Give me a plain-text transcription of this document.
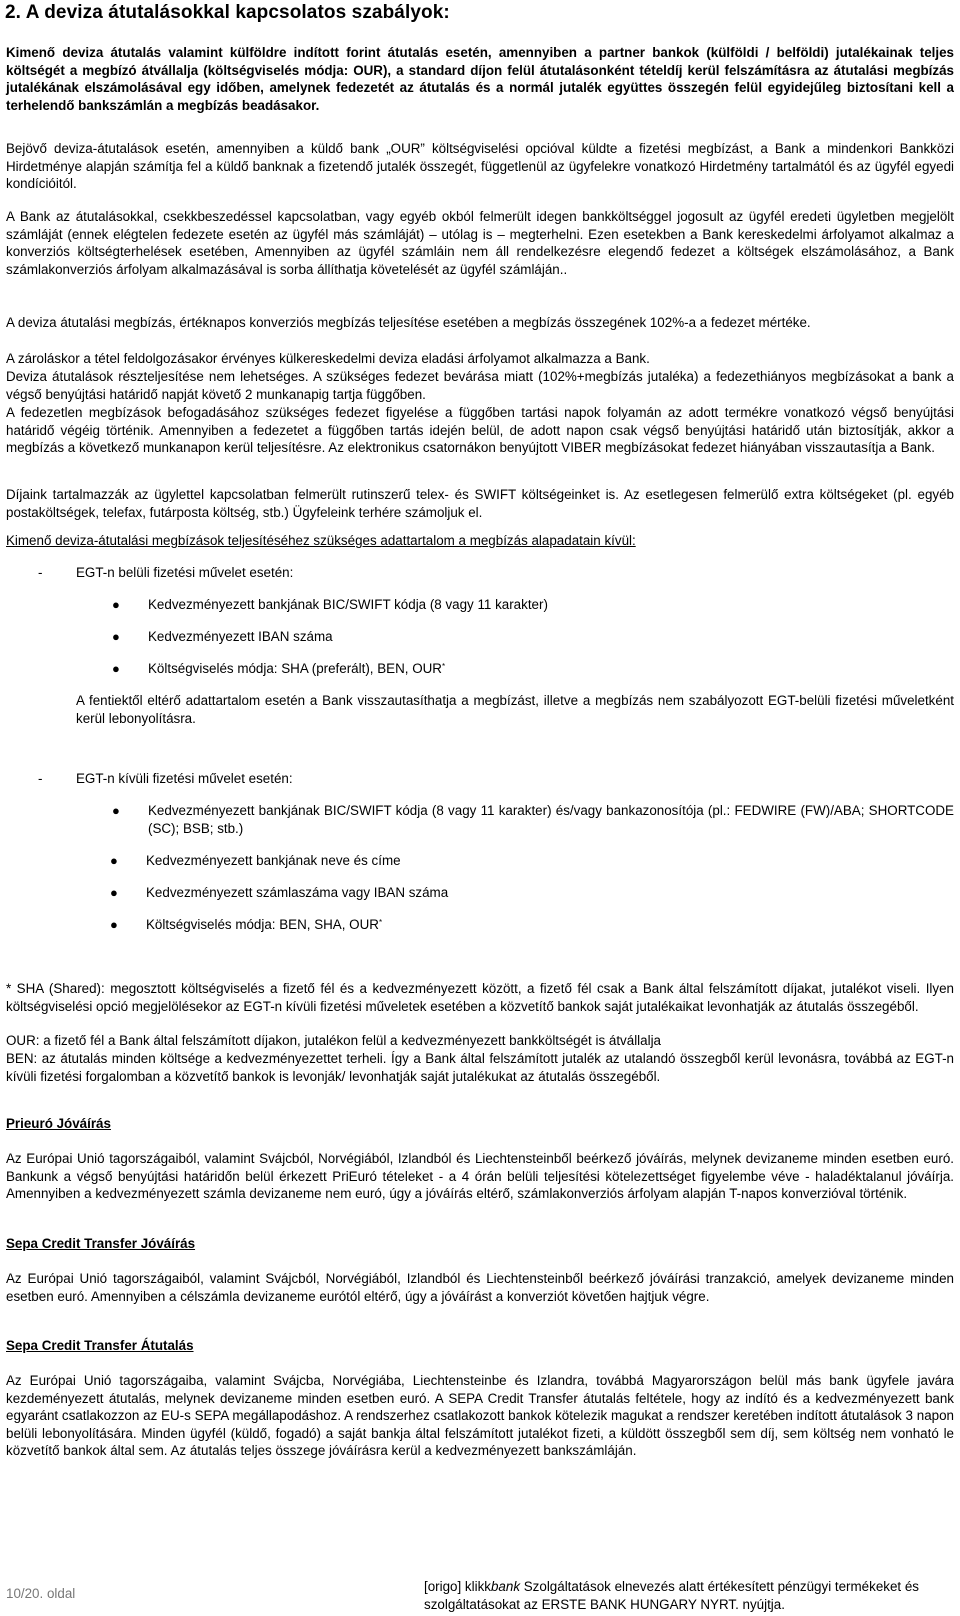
2. A deviza átutalásokkal kapcsolatos szabályok:

Kimenő deviza átutalás valamint külföldre indított forint átutalás esetén, amennyiben a partner bankok (külföldi / belföldi) jutalékainak teljes költségét a megbízó átvállalja (költségviselés módja: OUR), a standard díjon felül átutalásonként tételdíj kerül felszámításra az átutalási megbízás jutalékának elszámolásával egy időben, amelynek fedezetét az átutalás és a normál jutalék együttes összegén felül egyidejűleg biztosítani kell a terhelendő bankszámlán a megbízás beadásakor.

Bejövő deviza-átutalások esetén, amennyiben a küldő bank „OUR” költségviselési opcióval küldte a fizetési megbízást, a Bank a mindenkori Bankközi Hirdetménye alapján számítja fel a küldő banknak a fizetendő jutalék összegét, függetlenül az ügyfelekre vonatkozó Hirdetmény tartalmától és az ügyfél egyedi kondícióitól.

A Bank az átutalásokkal, csekkbeszedéssel kapcsolatban, vagy egyéb okból felmerült idegen bankköltséggel jogosult az ügyfél eredeti ügyletben megjelölt számláját (ennek elégtelen fedezete esetén az ügyfél más számláját) – utólag is – megterhelni. Ezen esetekben a Bank kereskedelmi árfolyamot alkalmaz a konverziós költségterhelések esetében, Amennyiben az ügyfél számláin nem áll rendelkezésre elegendő fedezet a költségek elszámolásához, a Bank számlakonverziós árfolyam alkalmazásával is sorba állíthatja követelését az ügyfél számláján..

A deviza átutalási megbízás, értéknapos konverziós megbízás teljesítése esetében a megbízás összegének 102%-a a fedezet mértéke.

A zároláskor a tétel feldolgozásakor érvényes külkereskedelmi deviza eladási árfolyamot alkalmazza a Bank.

Deviza átutalások részteljesítése nem lehetséges. A szükséges fedezet bevárása miatt (102%+megbízás jutaléka) a fedezethiányos megbízásokat a bank a végső benyújtási határidő napját követő 2 munkanapig tartja függőben.

A fedezetlen megbízások befogadásához szükséges fedezet figyelése a függőben tartási napok folyamán az adott termékre vonatkozó végső benyújtási határidő végéig történik. Amennyiben a fedezetet a függőben tartás idején belül, de adott napon csak végső benyújtási határidő után biztosítják, akkor a megbízás a következő munkanapon kerül teljesítésre. Az elektronikus csatornákon benyújtott VIBER megbízásokat fedezet hiányában visszautasítja a Bank.

Díjaink tartalmazzák az ügylettel kapcsolatban felmerült rutinszerű telex- és SWIFT költségeinket is. Az esetlegesen felmerülő extra költségeket (pl. egyéb postaköltségek, telefax, futárposta költség, stb.) Ügyfeleink terhére számoljuk el.

Kimenő deviza-átutalási megbízások teljesítéséhez szükséges adattartalom a megbízás alapadatain kívül:

-	EGT-n belüli fizetési művelet esetén:
● Kedvezményezett bankjának BIC/SWIFT kódja (8 vagy 11 karakter)
● Kedvezményezett IBAN száma
● Költségviselés módja: SHA (preferált), BEN, OUR*

A fentiektől eltérő adattartalom esetén a Bank visszautasíthatja a megbízást, illetve a megbízás nem szabályozott EGT-belüli fizetési műveletként kerül lebonyolításra.

-	EGT-n kívüli fizetési művelet esetén:
● Kedvezményezett bankjának BIC/SWIFT kódja (8 vagy 11 karakter) és/vagy bankazonosítója (pl.: FEDWIRE (FW)/ABA; SHORTCODE (SC); BSB; stb.)
● Kedvezményezett bankjának neve és címe
● Kedvezményezett számlaszáma vagy IBAN száma
● Költségviselés módja: BEN, SHA, OUR*

* SHA (Shared): megosztott költségviselés a fizető fél és a kedvezményezett között, a fizető fél csak a Bank által felszámított díjakat, jutalékot viseli. Ilyen költségviselési opció megjelölésekor az EGT-n kívüli fizetési műveletek esetében a közvetítő bankok saját jutalékaikat levonhatják az átutalás összegéből.

OUR: a fizető fél a Bank által felszámított díjakon, jutalékon felül a kedvezményezett bankköltségét is átvállalja

BEN: az átutalás minden költsége a kedvezményezettet terheli. Így a Bank által felszámított jutalék az utalandó összegből kerül levonásra, továbbá az EGT-n kívüli fizetési forgalomban a közvetítő bankok is levonják/ levonhatják saját jutalékukat az átutalás összegéből.

Prieuró Jóváírás

Az Európai Unió tagországaiból, valamint Svájcból, Norvégiából, Izlandból és Liechtensteinből beérkező jóváírás, melynek devizaneme minden esetben euró. Bankunk a végső benyújtási határidőn belül érkezett PriEuró tételeket - a 4 órán belüli teljesítési kötelezettséget figyelembe véve - haladéktalanul jóváírja. Amennyiben a kedvezményezett számla devizaneme nem euró, úgy a jóváírás eltérő, számlakonverziós árfolyam alapján T-napos konverzióval történik.

Sepa Credit Transfer Jóváírás

Az Európai Unió tagországaiból, valamint Svájcból, Norvégiából, Izlandból és Liechtensteinből beérkező jóváírási tranzakció, amelyek devizaneme minden esetben euró. Amennyiben a célszámla devizaneme eurótól eltérő, úgy a jóváírást a konverziót követően hajtjuk végre.

Sepa Credit Transfer Átutalás

Az Európai Unió tagországaiba, valamint Svájcba, Norvégiába, Liechtensteinbe és Izlandra, továbbá Magyarországon belül más bank ügyfele javára kezdeményezett átutalás, melynek devizaneme minden esetben euró. A SEPA Credit Transfer átutalás feltétele, hogy az indító és a kedvezményezett bank egyaránt csatlakozzon az EU-s SEPA megállapodáshoz. A rendszerhez csatlakozott bankok kötelezik magukat a rendszer keretében indított átutalások 3 napon belüli lebonyolítására. Minden ügyfél (küldő, fogadó) a saját bankja által felszámított jutalékot fizeti, a küldött összegből sem díj, sem költség nem vonható le közvetítő bankok által sem. Az átutalás teljes összege jóváírásra kerül a kedvezményezett bankszámláján.

10/20. oldal	[origo] klikkbank Szolgáltatások elnevezés alatt értékesített pénzügyi termékeket és szolgáltatásokat az ERSTE BANK HUNGARY NYRT. nyújtja.
